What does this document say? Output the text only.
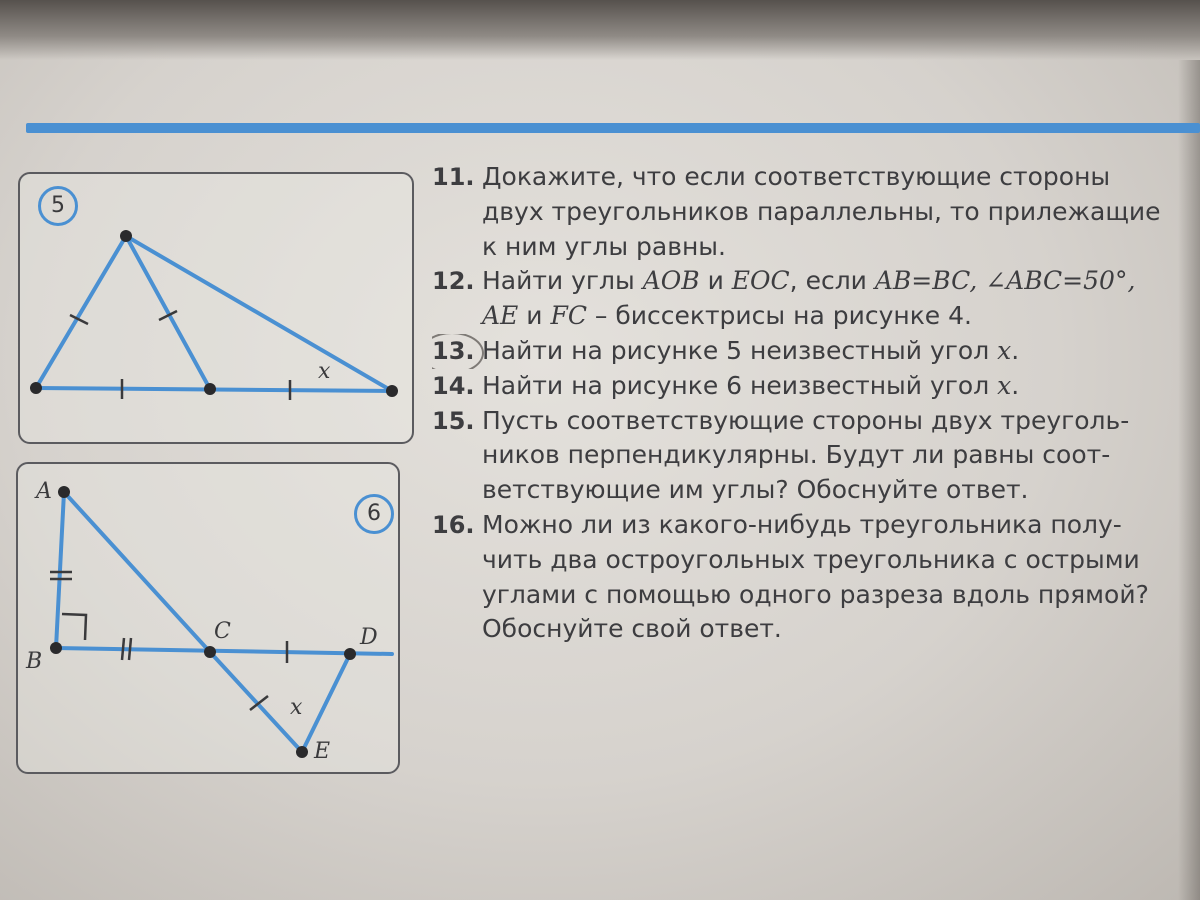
x
5
A
B
C	D
E
x
6
11. Докажите, что если соответствующие стороны
двух треугольников параллельны, то прилежащие
к ним углы равны.
12. Найти углы AOB и EOC, если AB=BC, ∠ABC=50°,
AE и FC – биссектрисы на рисунке 4.
13. Найти на рисунке 5 неизвестный угол x.
14. Найти на рисунке 6 неизвестный угол x.
15. Пусть соответствующие стороны двух треуголь-
ников перпендикулярны. Будут ли равны соот-
ветствующие им углы? Обоснуйте ответ.
16. Можно ли из какого-нибудь треугольника полу-
чить два остроугольных треугольника с острыми
углами с помощью одного разреза вдоль прямой?
Обоснуйте свой ответ.
